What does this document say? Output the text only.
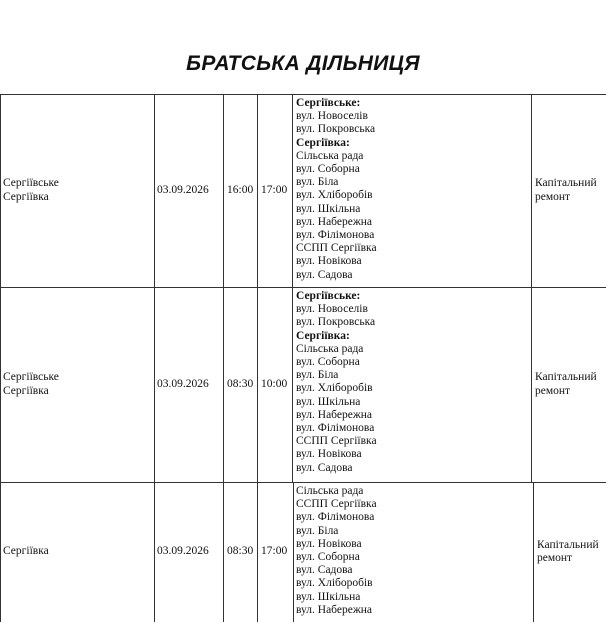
БРАТСЬКА ДІЛЬНИЦЯ
Сергіївське
Сергіївка
03.09.2026 16:00 17:00
Сергіївське:
вул. Новоселів
вул. Покровська
Сергіївка:
Сільська рада
вул. Соборна
вул. Біла
вул. Хліборобів
вул. Шкільна
вул. Набережна
вул. Філімонова
ССПП Сергіївка
вул. Новікова
вул. Садова
Капітальний
ремонт
Сергіївське
Сергіївка
03.09.2026 08:30 10:00
Сергіївське:
вул. Новоселів
вул. Покровська
Сергіївка:
Сільська рада
вул. Соборна
вул. Біла
вул. Хліборобів
вул. Шкільна
вул. Набережна
вул. Філімонова
ССПП Сергіївка
вул. Новікова
вул. Садова
Капітальний
ремонт
Сергіївка	03.09.2026 08:30 17:00
Сільська рада
ССПП Сергіївка
вул. Філімонова
вул. Біла
вул. Новікова
вул. Соборна
вул. Садова
вул. Хліборобів
вул. Шкільна
вул. Набережна
Капітальний
ремонт
